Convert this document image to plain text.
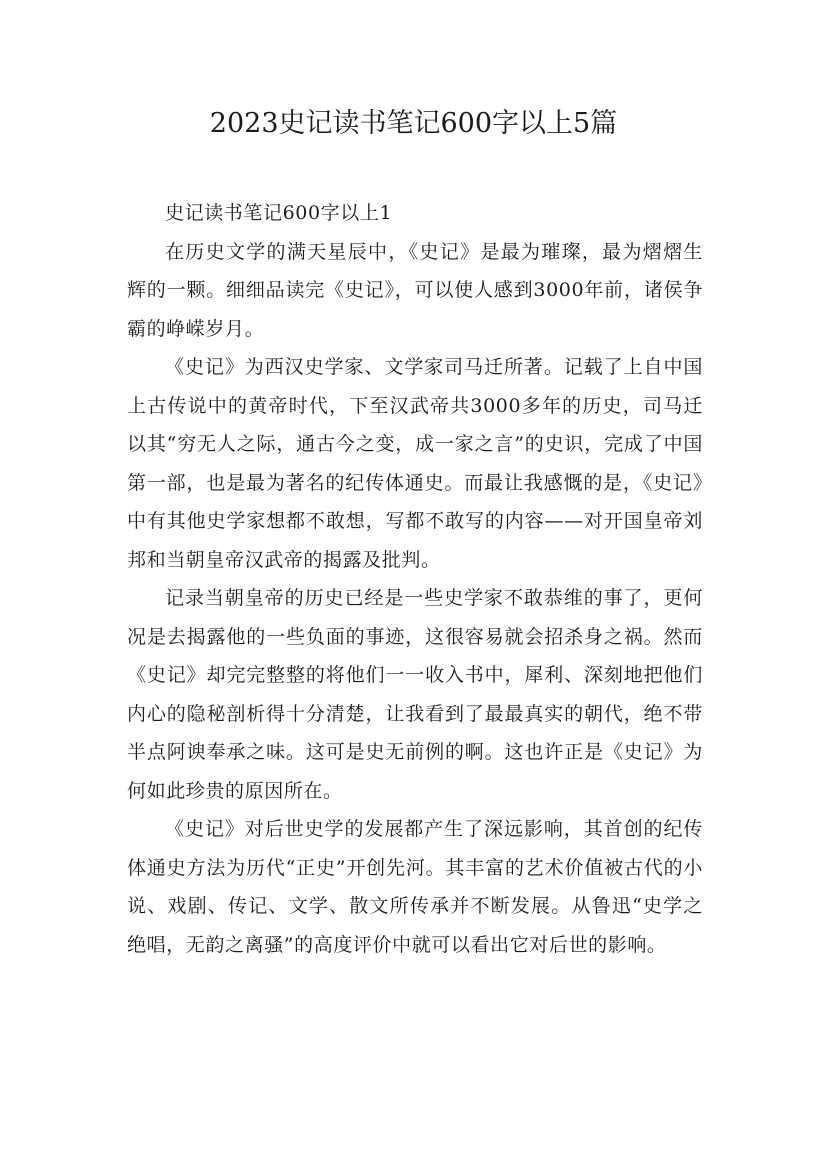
2023史记读书笔记600字以上5篇

史记读书笔记600字以上1

在历史文学的满天星辰中，《史记》是最为璀璨，最为熠熠生辉的一颗。细细品读完《史记》，可以使人感到3000年前，诸侯争霸的峥嵘岁月。

《史记》为西汉史学家、文学家司马迁所著。记载了上自中国上古传说中的黄帝时代，下至汉武帝共3000多年的历史，司马迁以其“穷无人之际，通古今之变，成一家之言”的史识，完成了中国第一部，也是最为著名的纪传体通史。而最让我感慨的是，《史记》中有其他史学家想都不敢想，写都不敢写的内容——对开国皇帝刘邦和当朝皇帝汉武帝的揭露及批判。

记录当朝皇帝的历史已经是一些史学家不敢恭维的事了，更何况是去揭露他的一些负面的事迹，这很容易就会招杀身之祸。然而《史记》却完完整整的将他们一一收入书中，犀利、深刻地把他们内心的隐秘剖析得十分清楚，让我看到了最最真实的朝代，绝不带半点阿谀奉承之味。这可是史无前例的啊。这也许正是《史记》为何如此珍贵的原因所在。

《史记》对后世史学的发展都产生了深远影响，其首创的纪传体通史方法为历代“正史”开创先河。其丰富的艺术价值被古代的小说、戏剧、传记、文学、散文所传承并不断发展。从鲁迅“史学之绝唱，无韵之离骚”的高度评价中就可以看出它对后世的影响。
